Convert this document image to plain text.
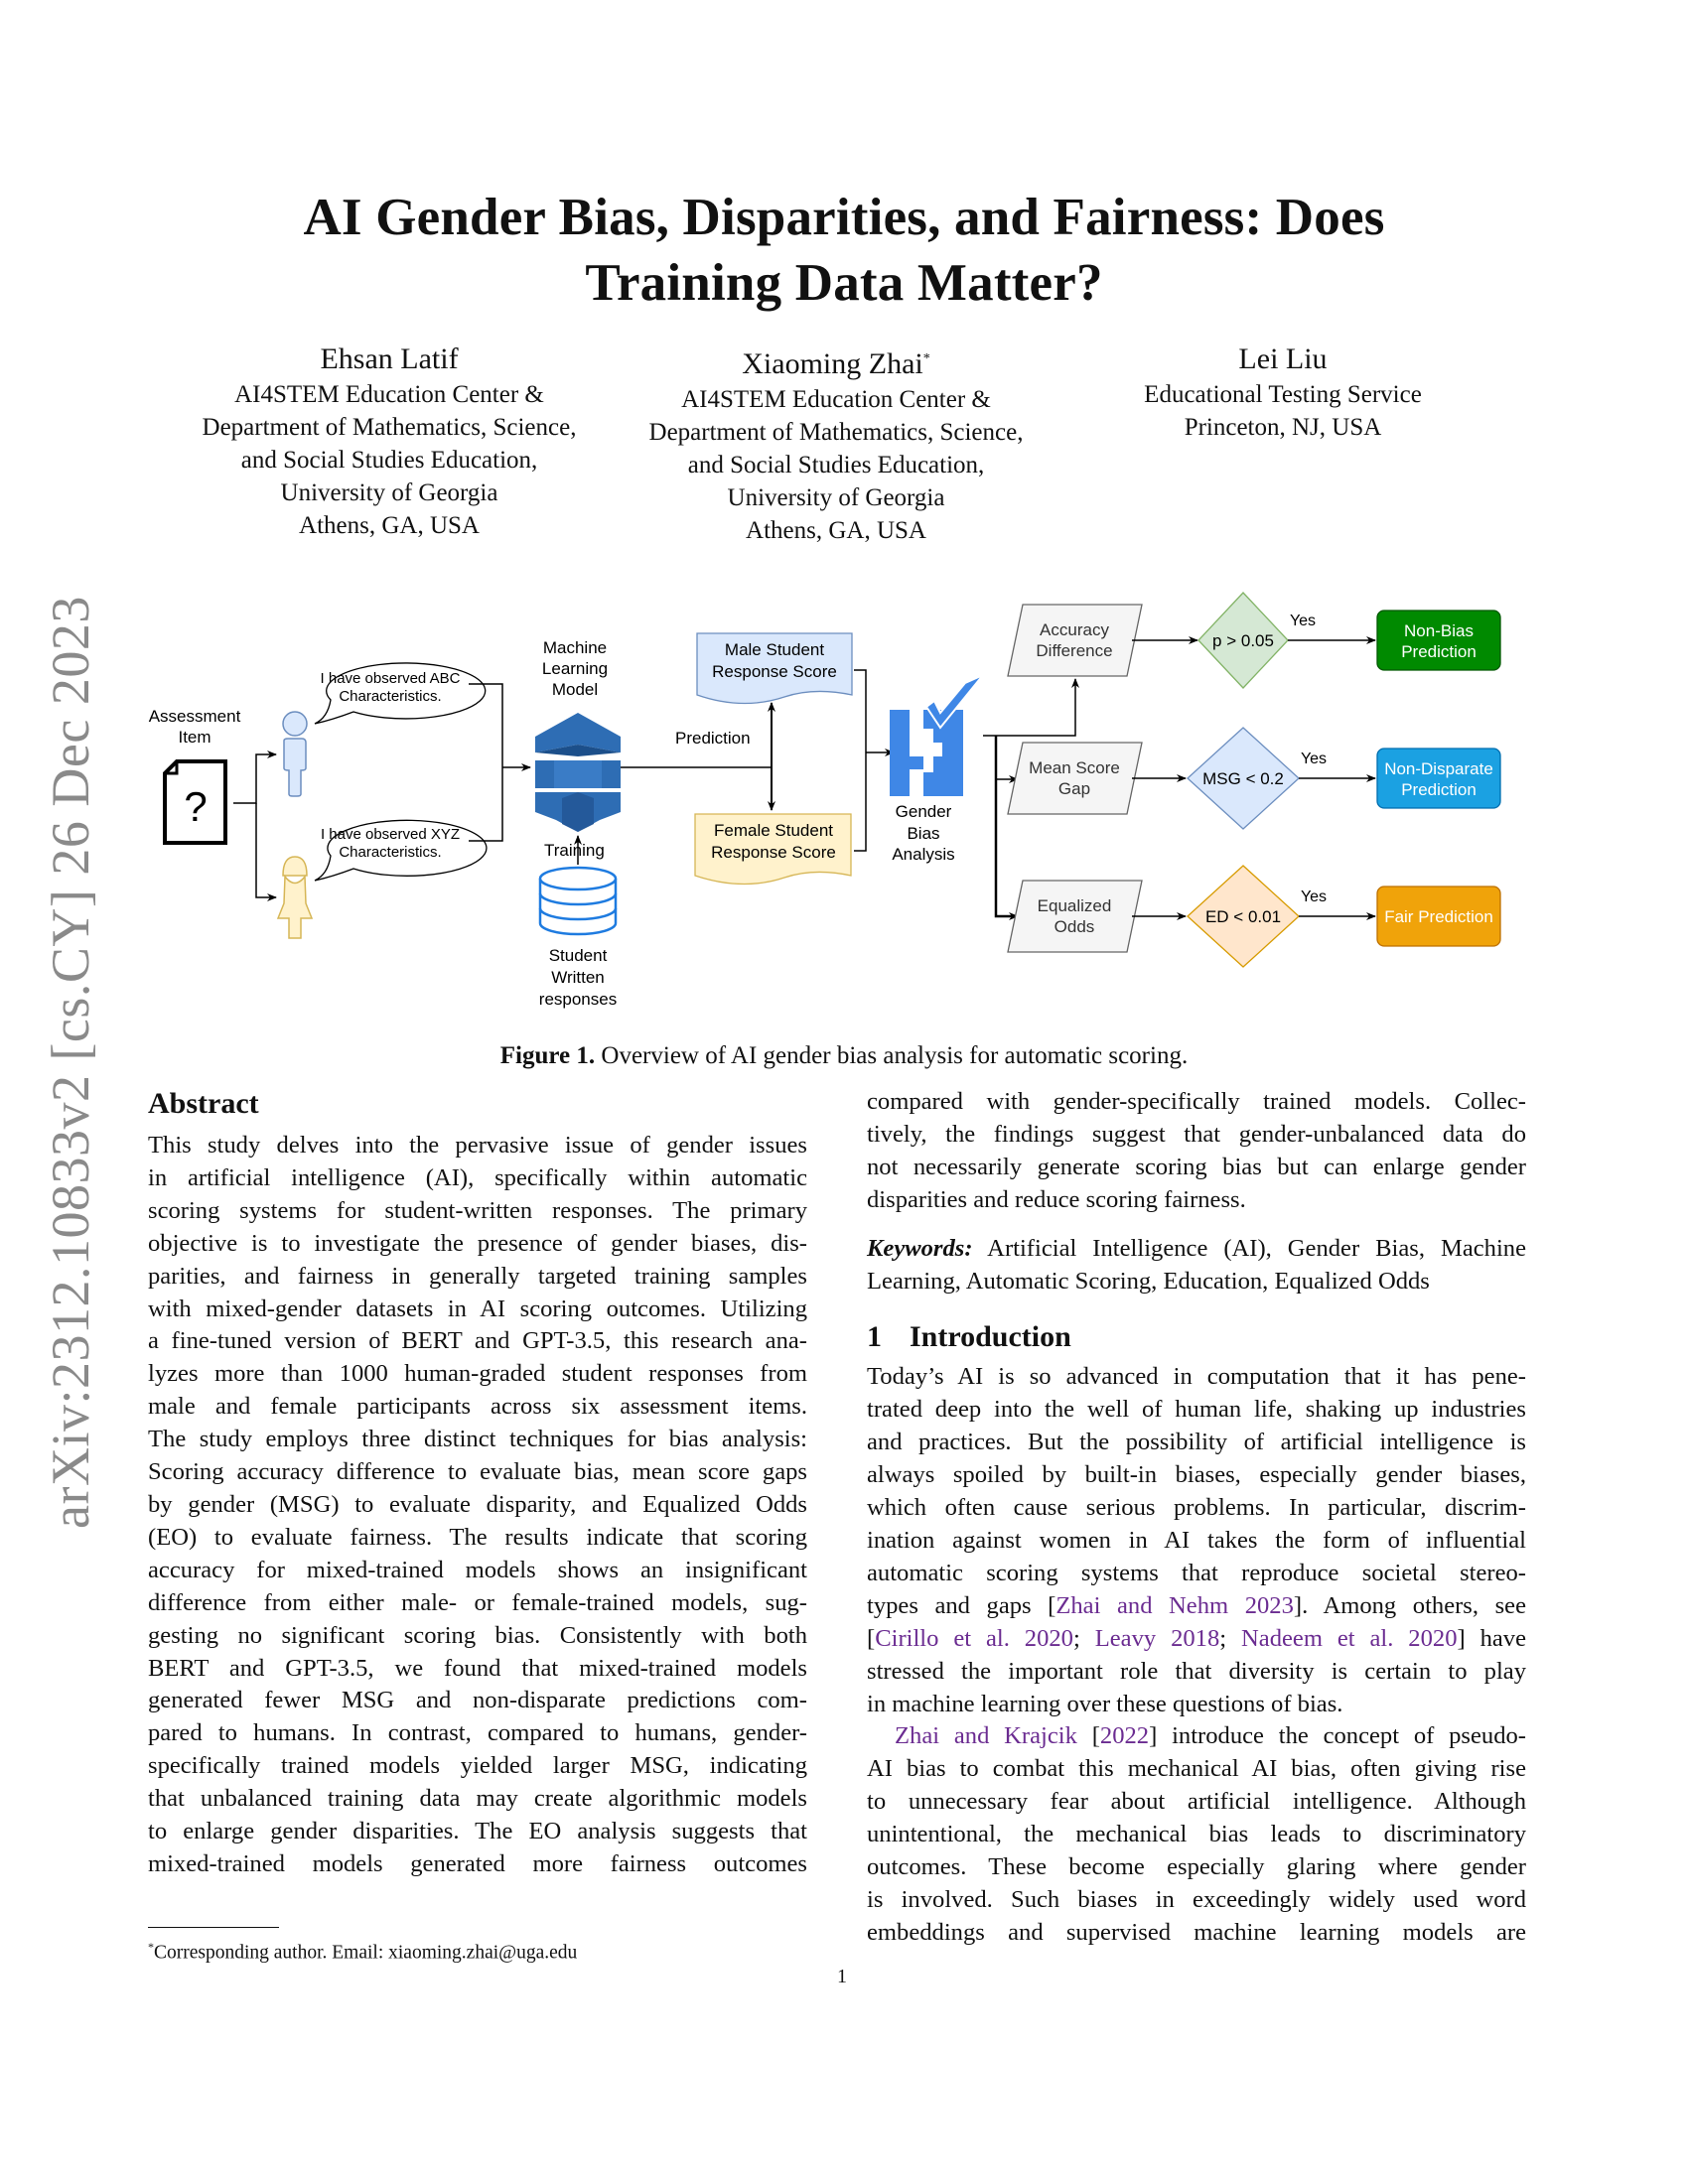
arXiv:2312.10833v2 [cs.CY] 26 Dec 2023
AI Gender Bias, Disparities, and Fairness: Does
Training Data Matter?
Ehsan Latif
AI4STEM Education Center &
Department of Mathematics, Science,
and Social Studies Education,
University of Georgia
Athens, GA, USA
Xiaoming Zhai*
AI4STEM Education Center &
Department of Mathematics, Science,
and Social Studies Education,
University of Georgia
Athens, GA, USA
Lei Liu
Educational Testing Service
Princeton, NJ, USA
Assessment
Item
?
I have observed ABC
Characteristics.
I have observed XYZ
Characteristics.
Machine
Learning
Model
Training
Student
Written
responses
Prediction
Male Student
Response Score
Female Student
Response Score
Gender
Bias
Analysis
Accuracy
Difference
p > 0.05
Yes
Non-Bias
Prediction
Mean Score
Gap
MSG < 0.2
Yes
Non-Disparate
Prediction
Equalized
Odds
ED < 0.01
Yes
Fair Prediction
Figure 1. Overview of AI gender bias analysis for automatic scoring.
Abstract
This study delves into the pervasive issue of gender issues
in artificial intelligence (AI), specifically within automatic
scoring systems for student-written responses. The primary
objective is to investigate the presence of gender biases, dis-
parities, and fairness in generally targeted training samples
with mixed-gender datasets in AI scoring outcomes. Utilizing
a fine-tuned version of BERT and GPT-3.5, this research ana-
lyzes more than 1000 human-graded student responses from
male and female participants across six assessment items.
The study employs three distinct techniques for bias analysis:
Scoring accuracy difference to evaluate bias, mean score gaps
by gender (MSG) to evaluate disparity, and Equalized Odds
(EO) to evaluate fairness. The results indicate that scoring
accuracy for mixed-trained models shows an insignificant
difference from either male- or female-trained models, sug-
gesting no significant scoring bias. Consistently with both
BERT and GPT-3.5, we found that mixed-trained models
generated fewer MSG and non-disparate predictions com-
pared to humans. In contrast, compared to humans, gender-
specifically trained models yielded larger MSG, indicating
that unbalanced training data may create algorithmic models
to enlarge gender disparities. The EO analysis suggests that
mixed-trained models generated more fairness outcomes
compared with gender-specifically trained models. Collec-
tively, the findings suggest that gender-unbalanced data do
not necessarily generate scoring bias but can enlarge gender
disparities and reduce scoring fairness.
Keywords: Artificial Intelligence (AI), Gender Bias, Machine
Learning, Automatic Scoring, Education, Equalized Odds
1 Introduction
Today’s AI is so advanced in computation that it has pene-
trated deep into the well of human life, shaking up industries
and practices. But the possibility of artificial intelligence is
always spoiled by built-in biases, especially gender biases,
which often cause serious problems. In particular, discrim-
ination against women in AI takes the form of influential
automatic scoring systems that reproduce societal stereo-
types and gaps [Zhai and Nehm 2023]. Among others, see
[Cirillo et al. 2020; Leavy 2018; Nadeem et al. 2020] have
stressed the important role that diversity is certain to play
in machine learning over these questions of bias.
Zhai and Krajcik [2022] introduce the concept of pseudo-
AI bias to combat this mechanical AI bias, often giving rise
to unnecessary fear about artificial intelligence. Although
unintentional, the mechanical bias leads to discriminatory
outcomes. These become especially glaring where gender
is involved. Such biases in exceedingly widely used word
embeddings and supervised machine learning models are
*Corresponding author. Email: xiaoming.zhai@uga.edu
1
